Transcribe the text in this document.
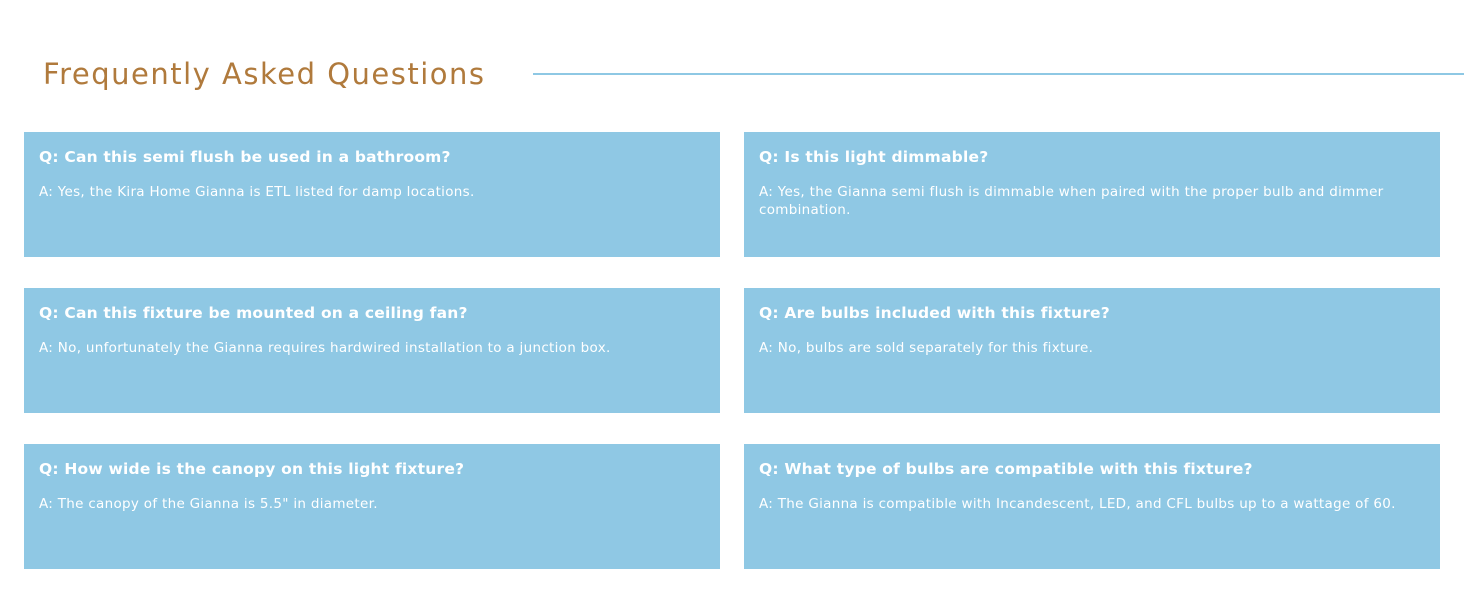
Frequently Asked Questions

Q: Can this semi flush be used in a bathroom?

A: Yes, the Kira Home Gianna is ETL listed for damp locations.

Q: Is this light dimmable?

A: Yes, the Gianna semi flush is dimmable when paired with the proper bulb and dimmer combination.

Q: Can this fixture be mounted on a ceiling fan?

A: No, unfortunately the Gianna requires hardwired installation to a junction box.

Q: Are bulbs included with this fixture?

A: No, bulbs are sold separately for this fixture.

Q: How wide is the canopy on this light fixture?

A: The canopy of the Gianna is 5.5" in diameter.

Q: What type of bulbs are compatible with this fixture?

A: The Gianna is compatible with Incandescent, LED, and CFL bulbs up to a wattage of 60.
